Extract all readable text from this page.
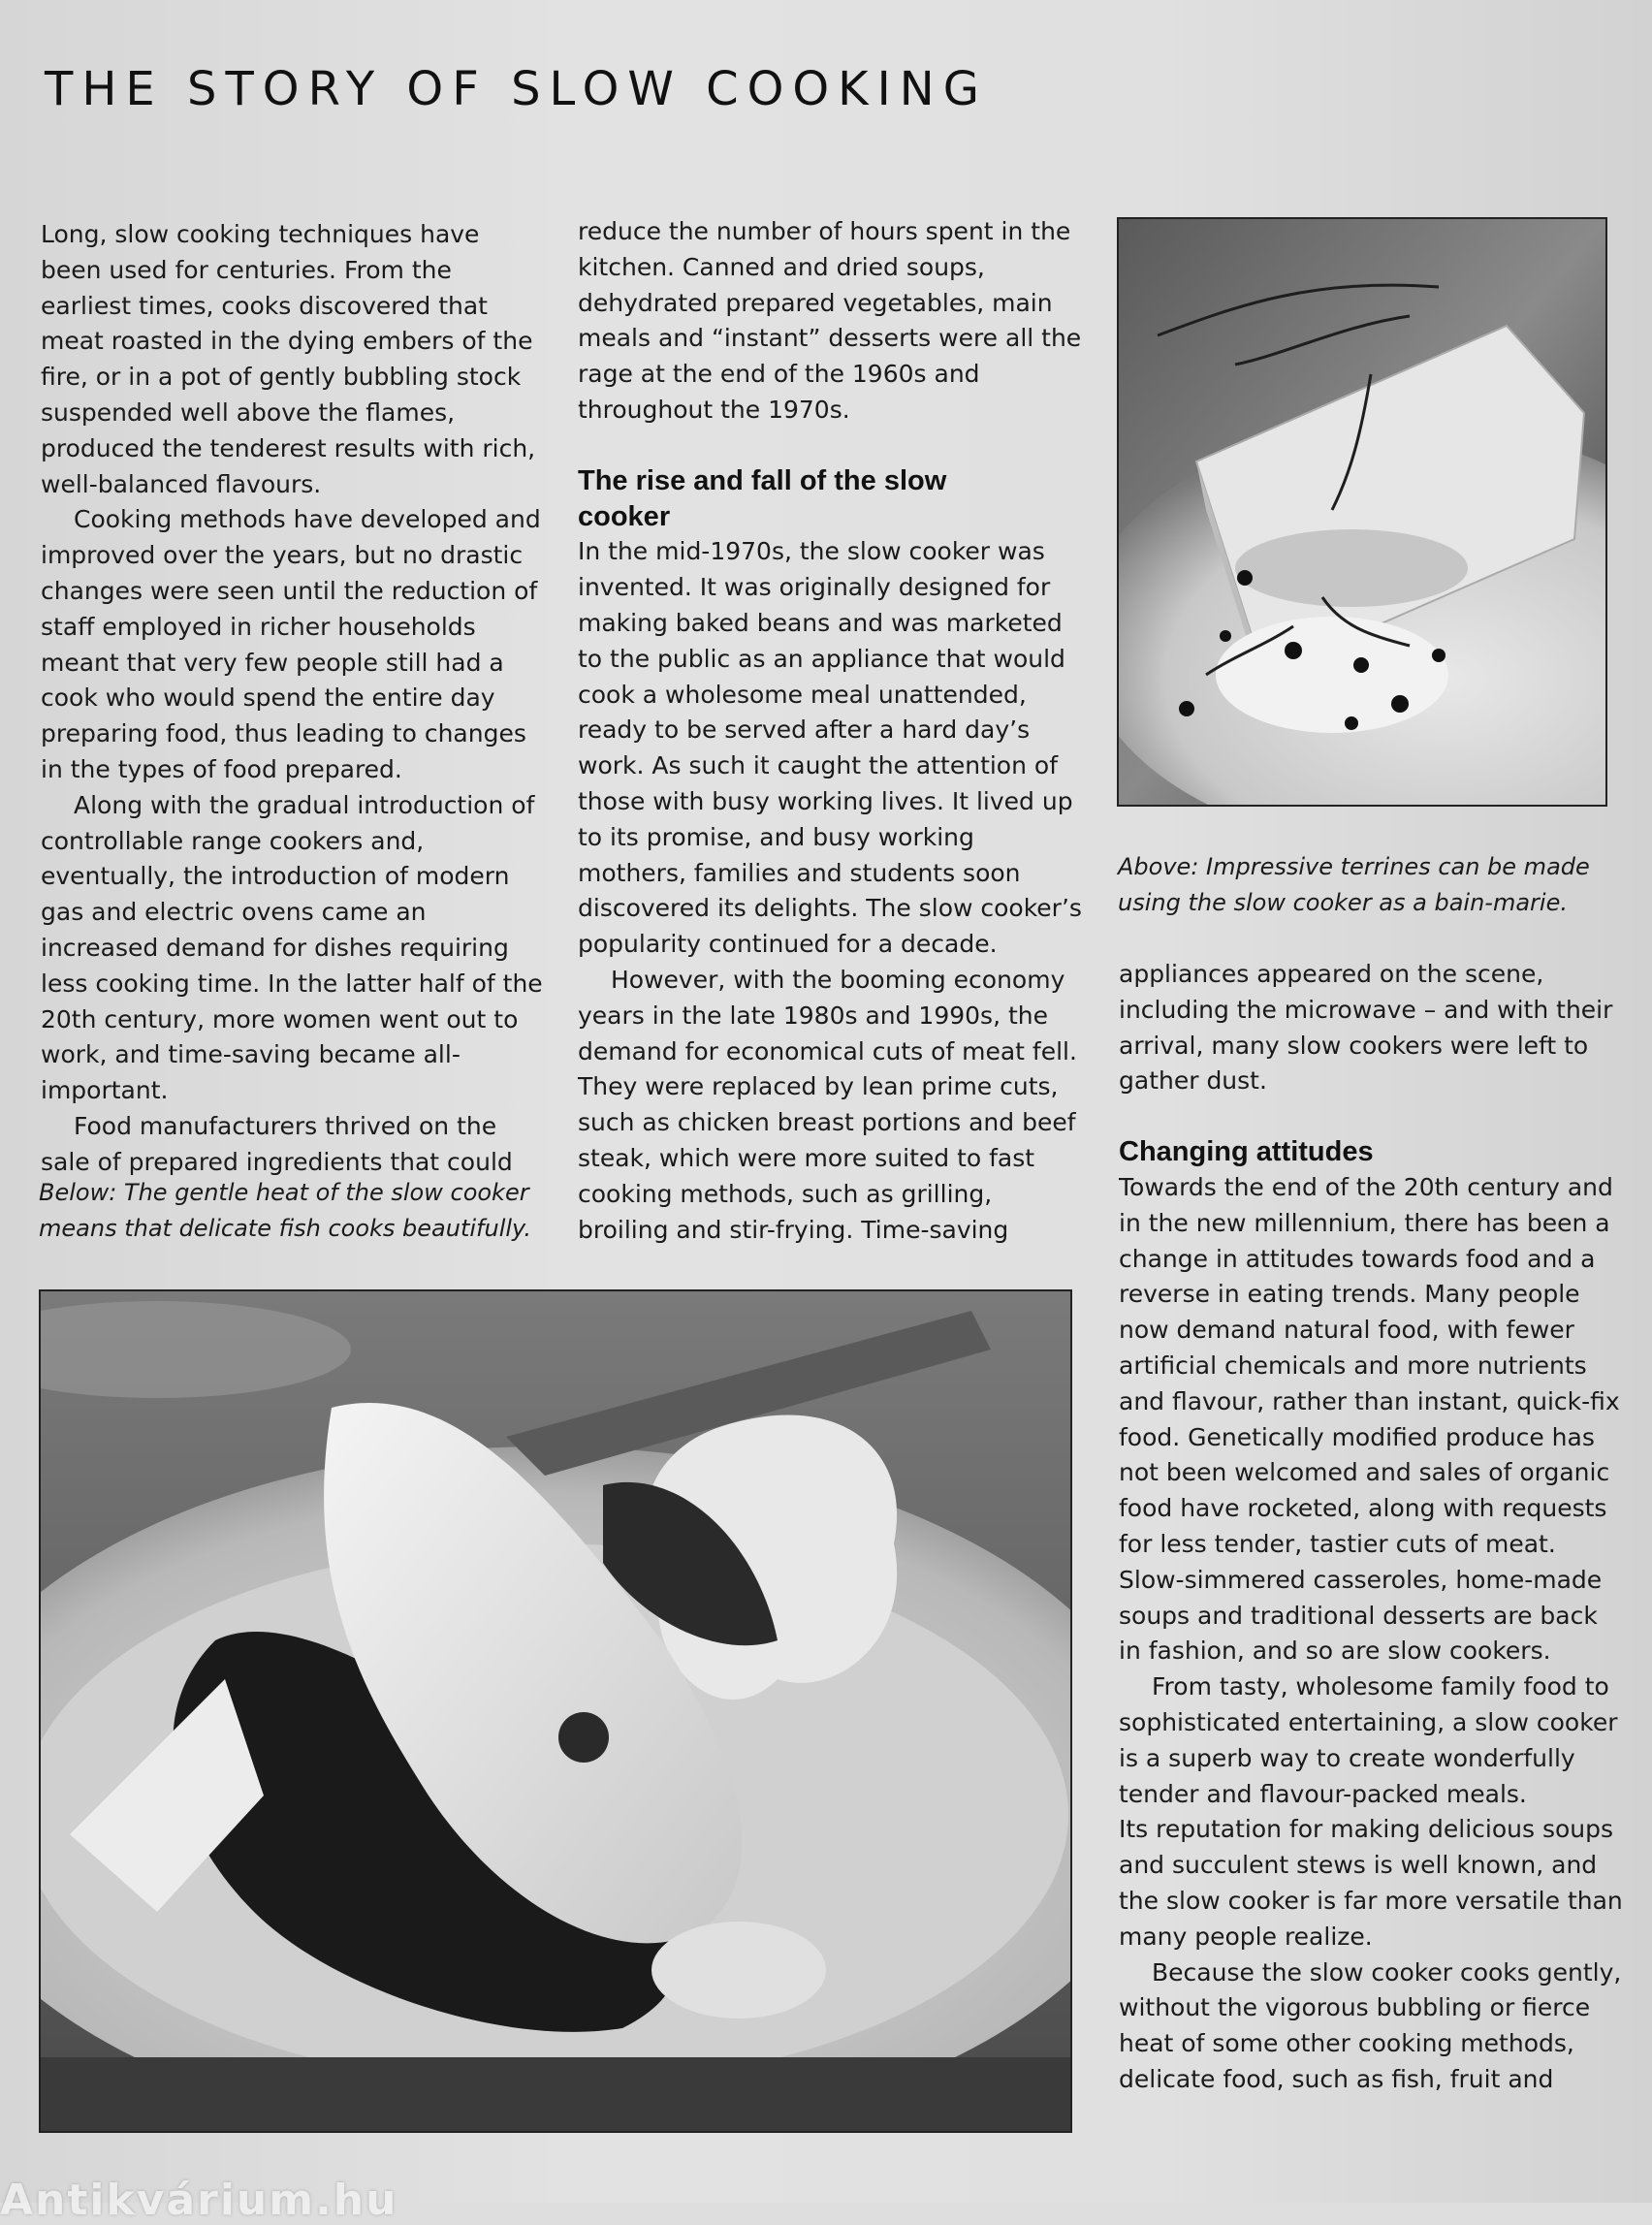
THE STORY OF SLOW COOKING

Long, slow cooking techniques have been used for centuries. From the earliest times, cooks discovered that meat roasted in the dying embers of the fire, or in a pot of gently bubbling stock suspended well above the flames, produced the tenderest results with rich, well-balanced flavours.

Cooking methods have developed and improved over the years, but no drastic changes were seen until the reduction of staff employed in richer households meant that very few people still had a cook who would spend the entire day preparing food, thus leading to changes in the types of food prepared.

Along with the gradual introduction of controllable range cookers and, eventually, the introduction of modern gas and electric ovens came an increased demand for dishes requiring less cooking time. In the latter half of the 20th century, more women went out to work, and time-saving became all-important.

Food manufacturers thrived on the sale of prepared ingredients that could

Below: The gentle heat of the slow cooker means that delicate fish cooks beautifully.

reduce the number of hours spent in the kitchen. Canned and dried soups, dehydrated prepared vegetables, main meals and “instant” desserts were all the rage at the end of the 1960s and throughout the 1970s.

The rise and fall of the slow cooker

In the mid-1970s, the slow cooker was invented. It was originally designed for making baked beans and was marketed to the public as an appliance that would cook a wholesome meal unattended, ready to be served after a hard day’s work. As such it caught the attention of those with busy working lives. It lived up to its promise, and busy working mothers, families and students soon discovered its delights. The slow cooker’s popularity continued for a decade.

However, with the booming economy years in the late 1980s and 1990s, the demand for economical cuts of meat fell. They were replaced by lean prime cuts, such as chicken breast portions and beef steak, which were more suited to fast cooking methods, such as grilling, broiling and stir-frying. Time-saving

Above: Impressive terrines can be made using the slow cooker as a bain-marie.

appliances appeared on the scene, including the microwave – and with their arrival, many slow cookers were left to gather dust.

Changing attitudes

Towards the end of the 20th century and in the new millennium, there has been a change in attitudes towards food and a reverse in eating trends. Many people now demand natural food, with fewer artificial chemicals and more nutrients and flavour, rather than instant, quick-fix food. Genetically modified produce has not been welcomed and sales of organic food have rocketed, along with requests for less tender, tastier cuts of meat. Slow-simmered casseroles, home-made soups and traditional desserts are back in fashion, and so are slow cookers.

From tasty, wholesome family food to sophisticated entertaining, a slow cooker is a superb way to create wonderfully tender and flavour-packed meals.

Its reputation for making delicious soups and succulent stews is well known, and the slow cooker is far more versatile than many people realize.

Because the slow cooker cooks gently, without the vigorous bubbling or fierce heat of some other cooking methods, delicate food, such as fish, fruit and

Antikvárium.hu
